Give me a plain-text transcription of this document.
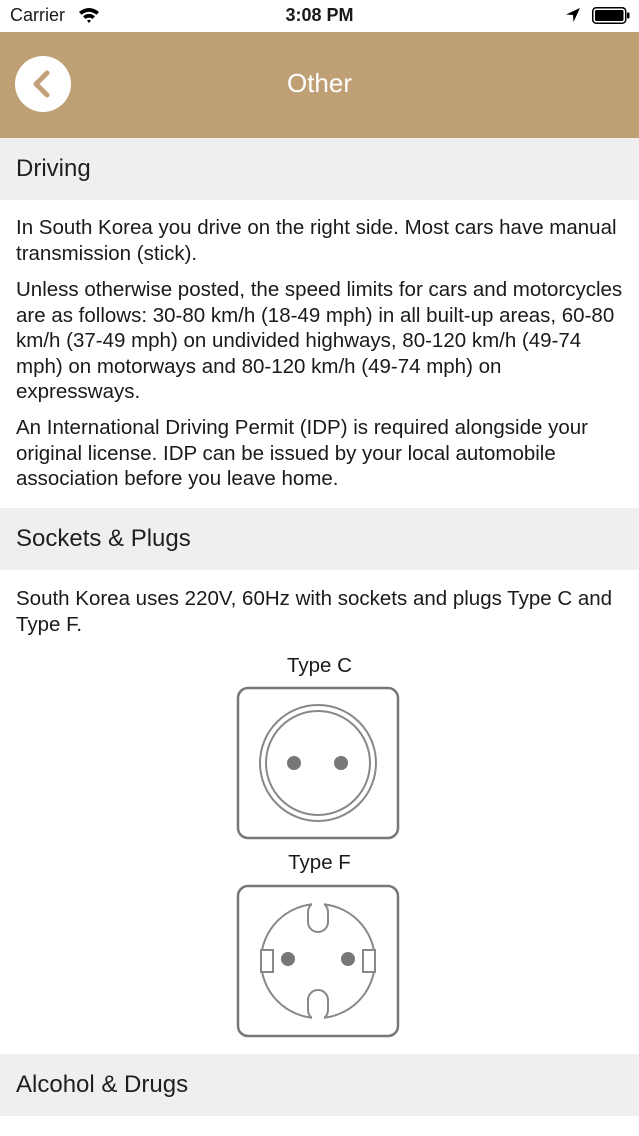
Carrier	3:08 PM
Other
Driving

In South Korea you drive on the right side. Most cars have manual transmission (stick).

Unless otherwise posted, the speed limits for cars and motorcycles are as follows: 30-80 km/h (18-49 mph) in all built-up areas, 60-80 km/h (37-49 mph) on undivided highways, 80-120 km/h (49-74 mph) on motorways and 80-120 km/h (49-74 mph) on expressways.

An International Driving Permit (IDP) is required alongside your original license. IDP can be issued by your local automobile association before you leave home.

Sockets & Plugs

South Korea uses 220V, 60Hz with sockets and plugs Type C and Type F.

Type C
Type F
Alcohol & Drugs
